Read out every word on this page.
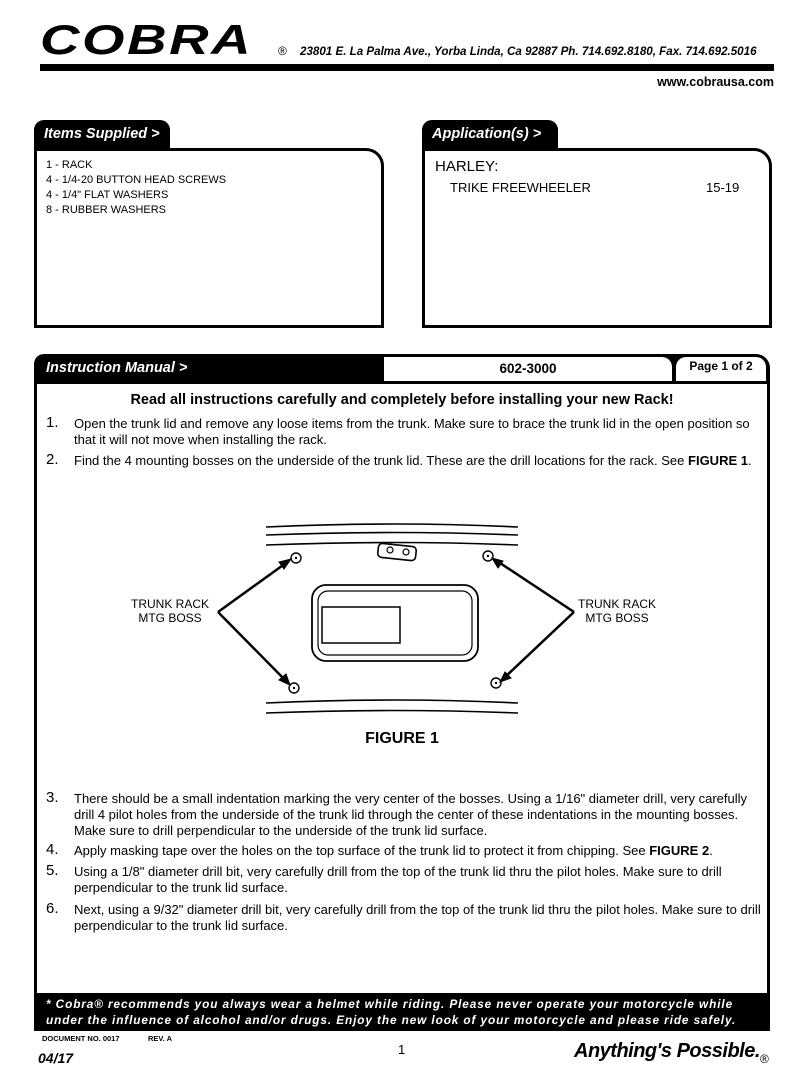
COBRA ® 23801 E. La Palma Ave., Yorba Linda, Ca 92887 Ph. 714.692.8180, Fax. 714.692.5016
www.cobrausa.com
Items Supplied >
1 - RACK
4 - 1/4-20 BUTTON HEAD SCREWS
4 - 1/4" FLAT WASHERS
8 - RUBBER WASHERS
Application(s) >
HARLEY:
TRIKE FREEWHEELER	15-19
Instruction Manual >	602-3000	Page 1 of 2
Read all instructions carefully and completely before installing your new Rack!
1. Open the trunk lid and remove any loose items from the trunk. Make sure to brace the trunk lid in the open position so that it will not move when installing the rack.
2. Find the 4 mounting bosses on the underside of the trunk lid. These are the drill locations for the rack. See FIGURE 1.
TRUNK RACK
MTG BOSS
TRUNK RACK
MTG BOSS
FIGURE 1
3. There should be a small indentation marking the very center of the bosses. Using a 1/16" diameter drill, very carefully drill 4 pilot holes from the underside of the trunk lid through the center of these indentations in the mounting bosses. Make sure to drill perpendicular to the underside of the trunk lid surface.
4. Apply masking tape over the holes on the top surface of the trunk lid to protect it from chipping. See FIGURE 2.
5. Using a 1/8" diameter drill bit, very carefully drill from the top of the trunk lid thru the pilot holes. Make sure to drill perpendicular to the trunk lid surface.
6. Next, using a 9/32" diameter drill bit, very carefully drill from the top of the trunk lid thru the pilot holes. Make sure to drill perpendicular to the trunk lid surface.
* Cobra® recommends you always wear a helmet while riding. Please never operate your motorcycle while under the influence of alcohol and/or drugs. Enjoy the new look of your motorcycle and please ride safely.
DOCUMENT NO. 0017	REV. A
04/17
1	Anything's Possible. ®
